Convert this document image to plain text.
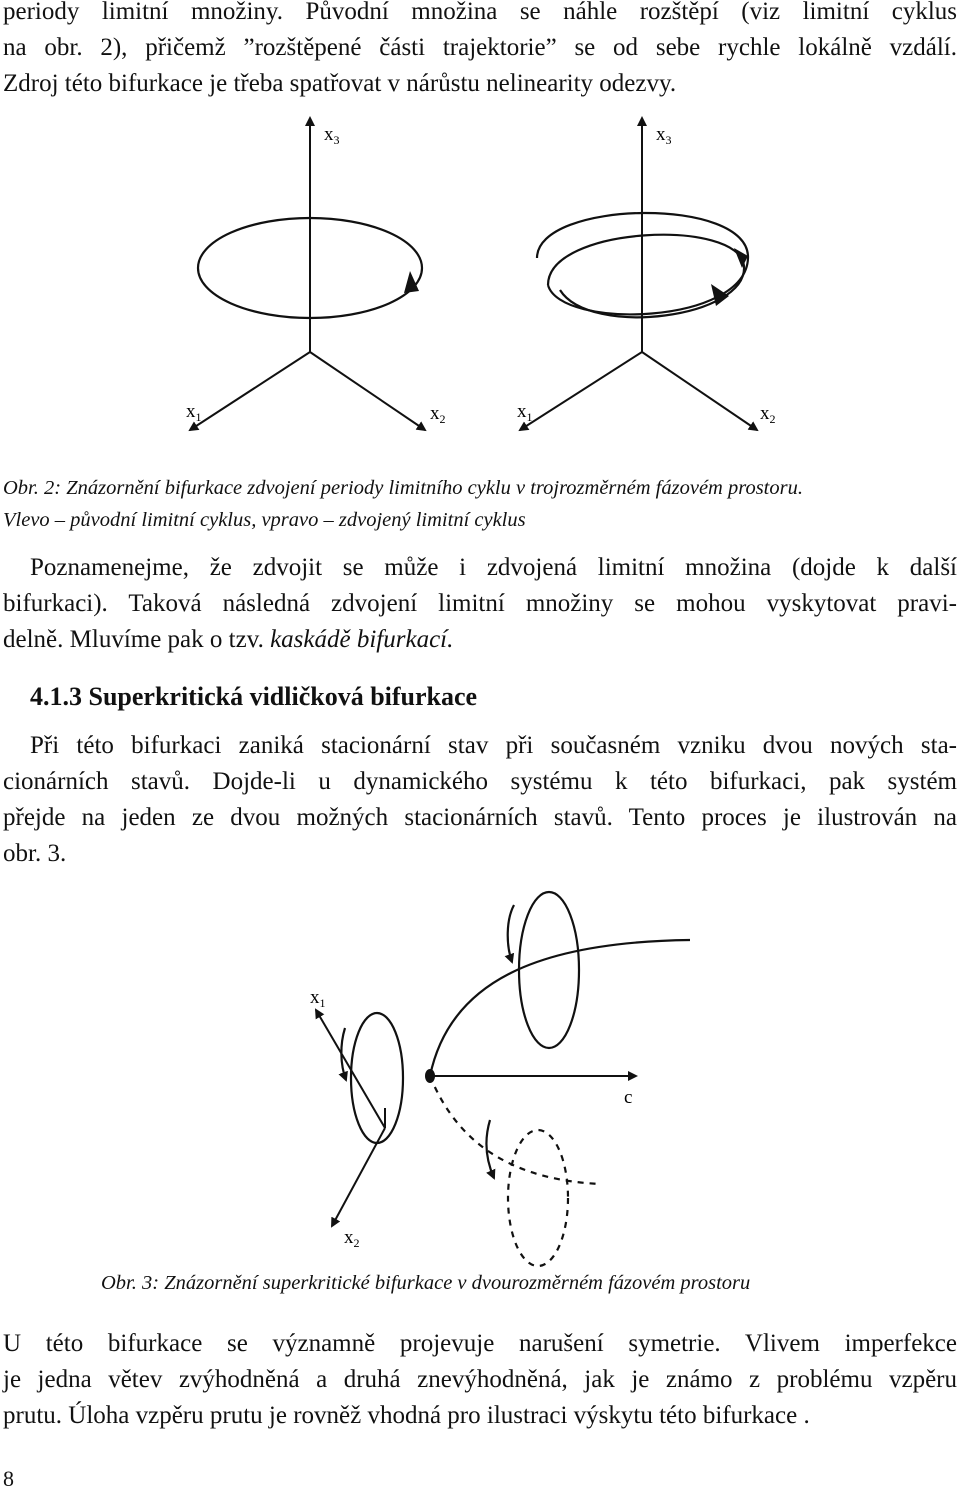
periody limitní množiny. Původní množina se náhle rozštěpí (viz limitní cyklus
na obr. 2), přičemž ”rozštěpené části trajektorie” se od sebe rychle lokálně vzdálí.
Zdroj této bifurkace je třeba spatřovat v nárůstu nelinearity odezvy.
$x_3$
$x_1$	$x_2$
$x_3$
$x_1$	$x_2$
Obr. 2: Znázornění bifurkace zdvojení periody limitního cyklu v trojrozměrném fázovém prostoru.
Vlevo – původní limitní cyklus, vpravo – zdvojený limitní cyklus
Poznamenejme, že zdvojit se může i zdvojená limitní množina (dojde k další
bifurkaci). Taková následná zdvojení limitní množiny se mohou vyskytovat pravi-
delně. Mluvíme pak o tzv. kaskádě bifurkací.
4.1.3 Superkritická vidličková bifurkace
Při této bifurkaci zaniká stacionární stav při současném vzniku dvou nových sta-
cionárních stavů. Dojde-li u dynamického systému k této bifurkaci, pak systém
přejde na jeden ze dvou možných stacionárních stavů. Tento proces je ilustrován na
obr. 3.
$x_1$
$x_2$
c
Obr. 3: Znázornění superkritické bifurkace v dvourozměrném fázovém prostoru
U této bifurkace se významně projevuje narušení symetrie. Vlivem imperfekce
je jedna větev zvýhodněná a druhá znevýhodněná, jak je známo z problému vzpěru
prutu. Úloha vzpěru prutu je rovněž vhodná pro ilustraci výskytu této bifurkace .
8
